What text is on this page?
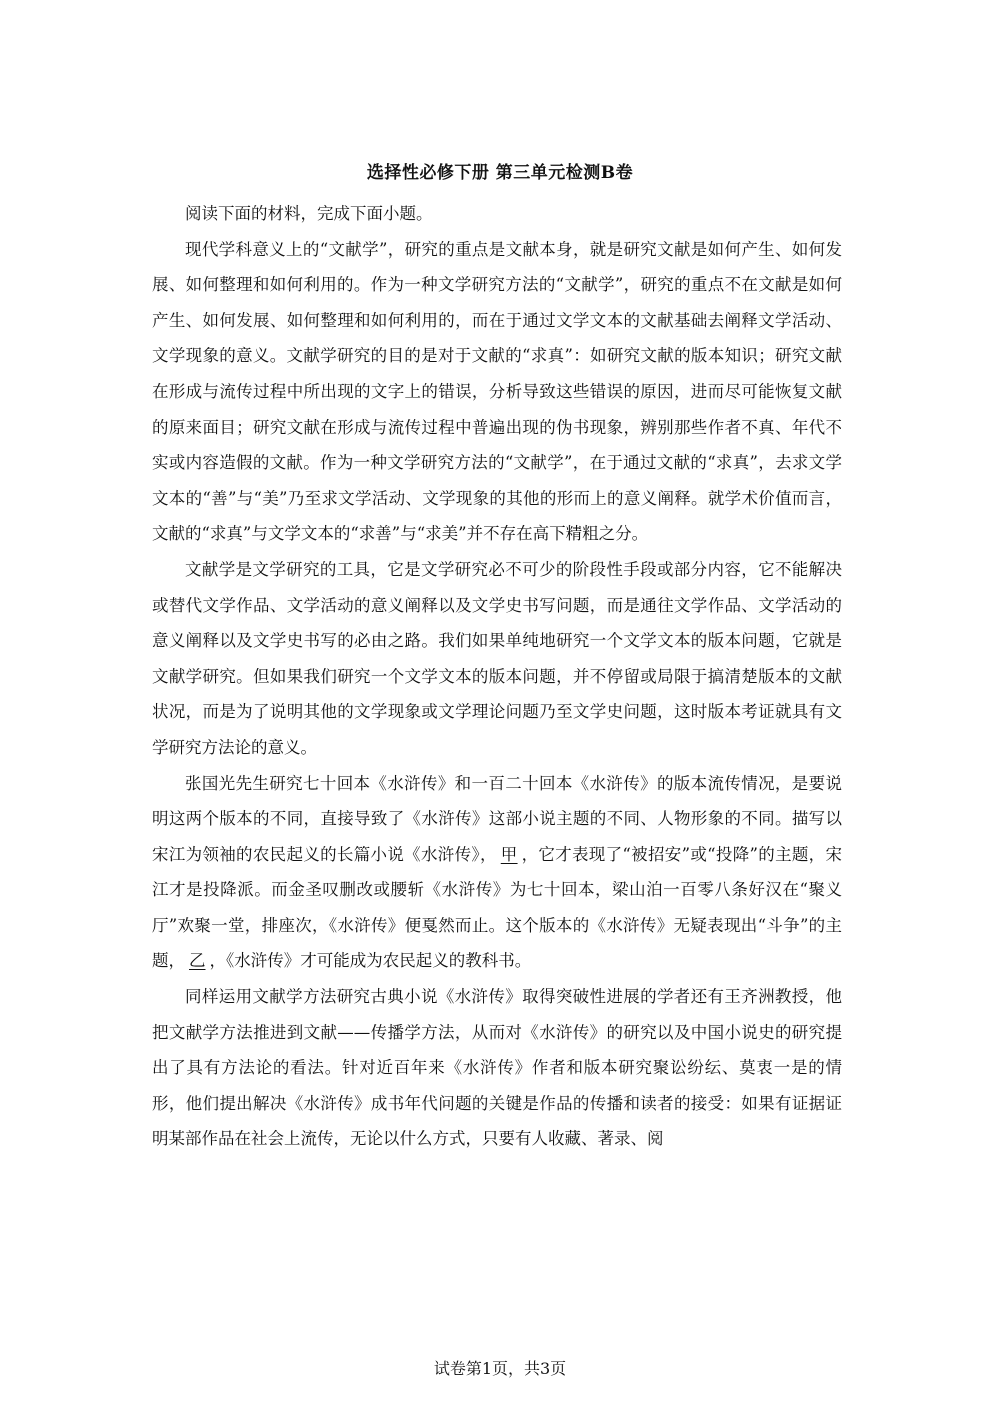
选择性必修下册 第三单元检测B卷

阅读下面的材料，完成下面小题。

现代学科意义上的“文献学”，研究的重点是文献本身，就是研究文献是如何产生、如何发展、如何整理和如何利用的。作为一种文学研究方法的“文献学”，研究的重点不在文献是如何产生、如何发展、如何整理和如何利用的，而在于通过文学文本的文献基础去阐释文学活动、文学现象的意义。文献学研究的目的是对于文献的“求真”：如研究文献的版本知识；研究文献在形成与流传过程中所出现的文字上的错误，分析导致这些错误的原因，进而尽可能恢复文献的原来面目；研究文献在形成与流传过程中普遍出现的伪书现象，辨别那些作者不真、年代不实或内容造假的文献。作为一种文学研究方法的“文献学”，在于通过文献的“求真”，去求文学文本的“善”与“美”乃至求文学活动、文学现象的其他的形而上的意义阐释。就学术价值而言，文献的“求真”与文学文本的“求善”与“求美”并不存在高下精粗之分。

文献学是文学研究的工具，它是文学研究必不可少的阶段性手段或部分内容，它不能解决或替代文学作品、文学活动的意义阐释以及文学史书写问题，而是通往文学作品、文学活动的意义阐释以及文学史书写的必由之路。我们如果单纯地研究一个文学文本的版本问题，它就是文献学研究。但如果我们研究一个文学文本的版本问题，并不停留或局限于搞清楚版本的文献状况，而是为了说明其他的文学现象或文学理论问题乃至文学史问题，这时版本考证就具有文学研究方法论的意义。

张国光先生研究七十回本《水浒传》和一百二十回本《水浒传》的版本流传情况，是要说明这两个版本的不同，直接导致了《水浒传》这部小说主题的不同、人物形象的不同。描写以宋江为领袖的农民起义的长篇小说《水浒传》， 甲 ，它才表现了“被招安”或“投降”的主题，宋江才是投降派。而金圣叹删改或腰斩《水浒传》为七十回本，梁山泊一百零八条好汉在“聚义厅”欢聚一堂，排座次，《水浒传》便戛然而止。这个版本的《水浒传》无疑表现出“斗争”的主题， 乙 ，《水浒传》才可能成为农民起义的教科书。

同样运用文献学方法研究古典小说《水浒传》取得突破性进展的学者还有王齐洲教授，他把文献学方法推进到文献——传播学方法，从而对《水浒传》的研究以及中国小说史的研究提出了具有方法论的看法。针对近百年来《水浒传》作者和版本研究聚讼纷纭、莫衷一是的情形，他们提出解决《水浒传》成书年代问题的关键是作品的传播和读者的接受：如果有证据证明某部作品在社会上流传，无论以什么方式，只要有人收藏、著录、阅

试卷第1页，共3页
